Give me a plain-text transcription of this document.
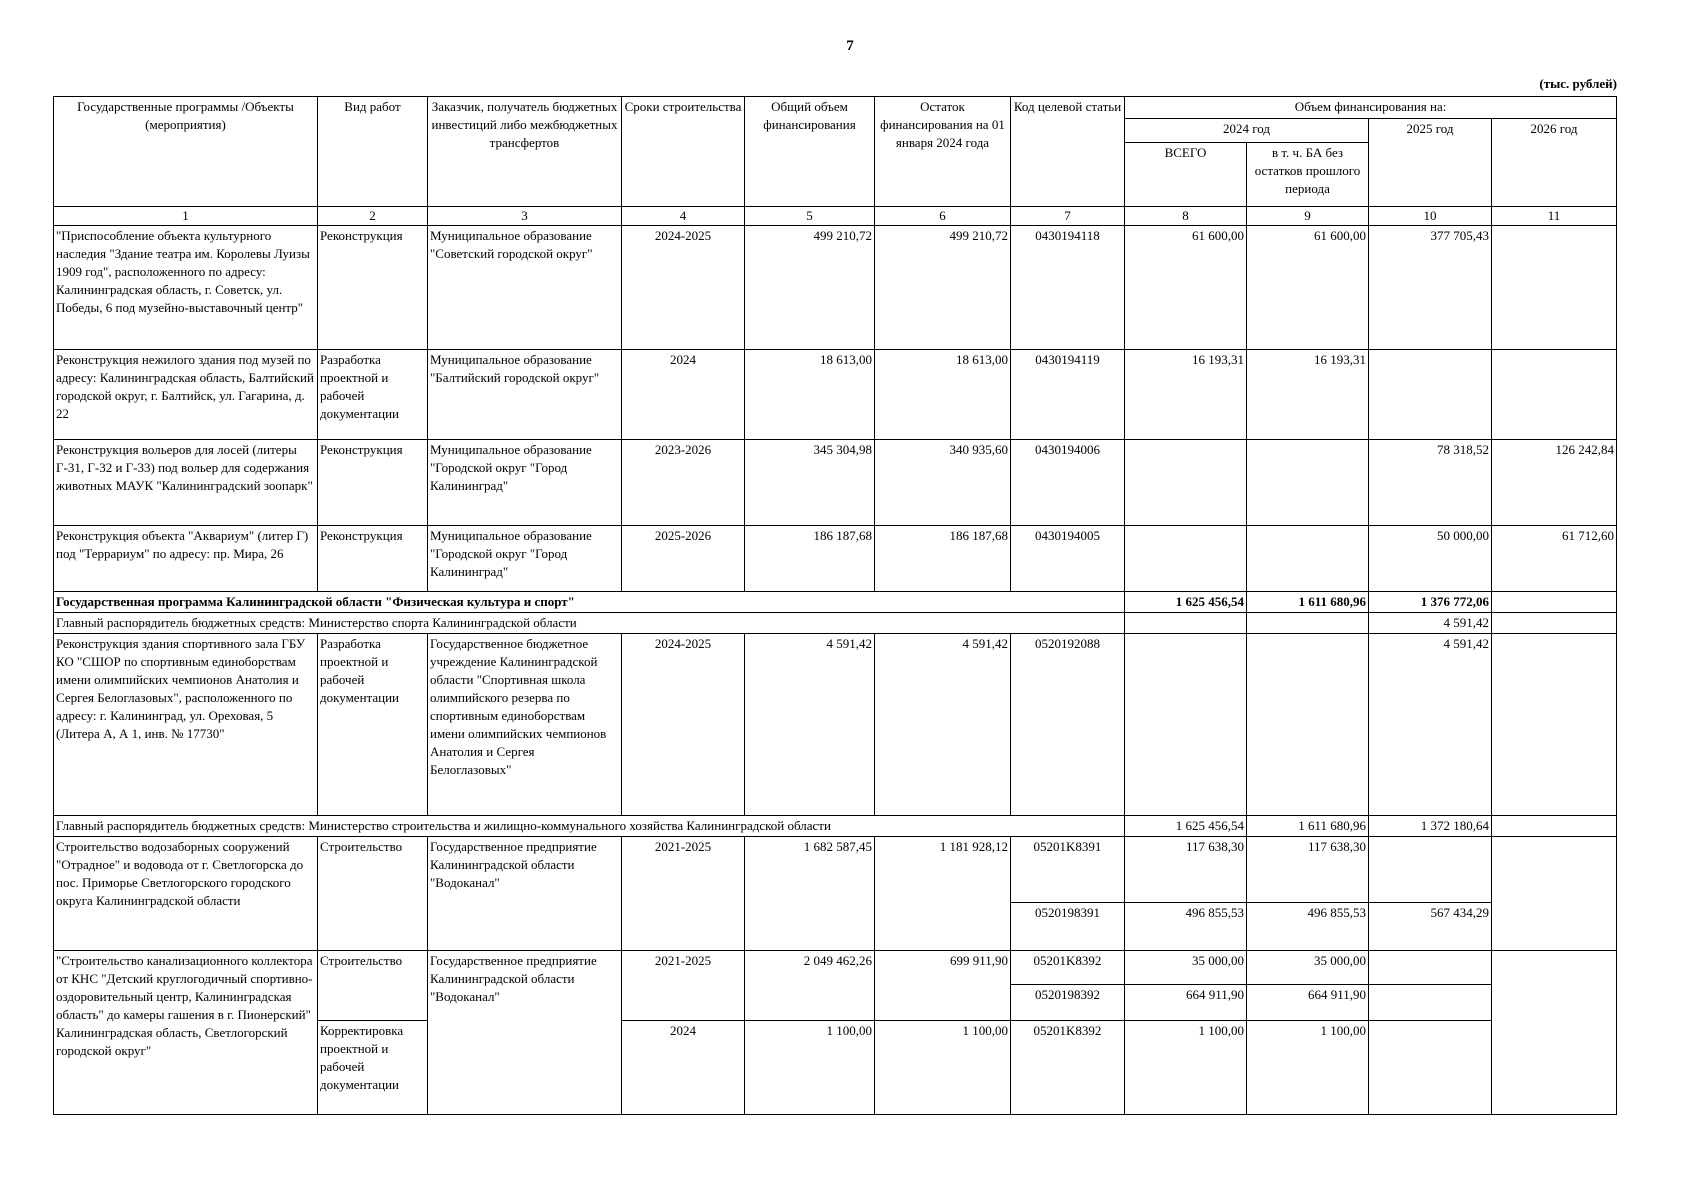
7
(тыс. рублей)
Государственные программы /Объекты (мероприятия)	Вид работ	Заказчик, получатель бюджетных инвестиций либо межбюджетных трансфертов	Сроки строительства	Общий объем финансирования	Остаток финансирования на 01 января 2024 года	Код целевой статьи	Объем финансирования на:			
							2024 год		2025 год	2026 год
							ВСЕГО	в т. ч. БА без остатков прошлого периода		
1	2	3	4	5	6	7	8	9	10	11
"Приспособление объекта культурного наследия "Здание театра им. Королевы Луизы 1909 год", расположенного по адресу: Калининградская область, г. Советск, ул. Победы, 6 под музейно-выставочный центр"	Реконструкция	Муниципальное образование "Советский городской округ"	2024-2025	499 210,72	499 210,72	0430194118	61 600,00	61 600,00	377 705,43	
Реконструкция нежилого здания под музей по адресу: Калининградская область, Балтийский городской округ, г. Балтийск, ул. Гагарина, д. 22	Разработка проектной и рабочей документации	Муниципальное образование "Балтийский городской округ"	2024	18 613,00	18 613,00	0430194119	16 193,31	16 193,31		
Реконструкция вольеров для лосей (литеры Г-31, Г-32 и Г-33) под вольер для содержания животных МАУК "Калининградский зоопарк"	Реконструкция	Муниципальное образование "Городской округ "Город Калининград"	2023-2026	345 304,98	340 935,60	0430194006			78 318,52	126 242,84
Реконструкция объекта "Аквариум" (литер Г) под "Террариум" по адресу: пр. Мира, 26	Реконструкция	Муниципальное образование "Городской округ "Город Калининград"	2025-2026	186 187,68	186 187,68	0430194005			50 000,00	61 712,60
Государственная программа Калининградской области "Физическая культура и спорт"							1 625 456,54	1 611 680,96	1 376 772,06	
Главный распорядитель бюджетных средств: Министерство спорта Калининградской области									4 591,42	
Реконструкция здания спортивного зала ГБУ КО "СШОР по спортивным единоборствам имени олимпийских чемпионов Анатолия и Сергея Белоглазовых", расположенного по адресу: г. Калининград, ул. Ореховая, 5 (Литера А, А 1, инв. № 17730"	Разработка проектной и рабочей документации	Государственное бюджетное учреждение Калининградской области "Спортивная школа олимпийского резерва по спортивным единоборствам имени олимпийских чемпионов Анатолия и Сергея Белоглазовых"	2024-2025	4 591,42	4 591,42	0520192088			4 591,42	
Главный распорядитель бюджетных средств: Министерство строительства и жилищно-коммунального хозяйства Калининградской области							1 625 456,54	1 611 680,96	1 372 180,64	
Строительство водозаборных сооружений "Отрадное" и водовода от г. Светлогорска до пос. Приморье Светлогорского городского округа Калининградской области	Строительство	Государственное предприятие Калининградской области "Водоканал"	2021-2025	1 682 587,45	1 181 928,12	05201K8391	117 638,30	117 638,30		
						0520198391	496 855,53	496 855,53	567 434,29	
"Строительство канализационного коллектора от КНС "Детский круглогодичный спортивно-оздоровительный центр, Калининградская область" до камеры гашения в г. Пионерский" Калининградская область, Светлогорский городской округ"	Строительство	Государственное предприятие Калининградской области "Водоканал"	2021-2025	2 049 462,26	699 911,90	05201K8392	35 000,00	35 000,00		
						0520198392	664 911,90	664 911,90		
	Корректировка проектной и рабочей документации		2024	1 100,00	1 100,00	05201K8392	1 100,00	1 100,00		
